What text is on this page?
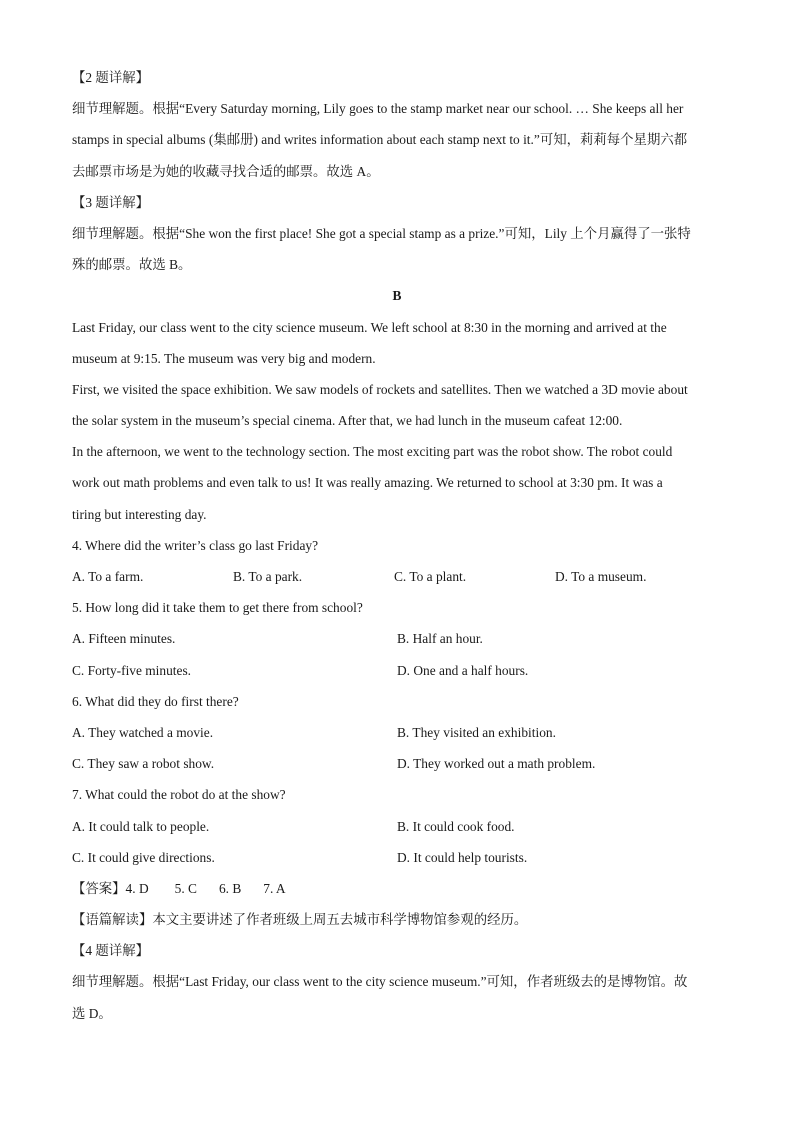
【2 题详解】
细节理解题。根据“Every Saturday morning, Lily goes to the stamp market near our school. … She keeps all her
stamps in special albums (集邮册) and writes information about each stamp next to it.”可知，莉莉每个星期六都
去邮票市场是为她的收藏寻找合适的邮票。故选 A。
【3 题详解】
细节理解题。根据“She won the first place! She got a special stamp as a prize.”可知，Lily 上个月赢得了一张特
殊的邮票。故选 B。
B
Last Friday, our class went to the city science museum. We left school at 8:30 in the morning and arrived at the
museum at 9:15. The museum was very big and modern.
First, we visited the space exhibition. We saw models of rockets and satellites. Then we watched a 3D movie about
the solar system in the museum’s special cinema. After that, we had lunch in the museum cafeat 12:00.
In the afternoon, we went to the technology section. The most exciting part was the robot show. The robot could
work out math problems and even talk to us! It was really amazing. We returned to school at 3:30 pm. It was a
tiring but interesting day.
4. Where did the writer’s class go last Friday?
A. To a farm.	B. To a park.	C. To a plant.	D. To a museum.
5. How long did it take them to get there from school?
A. Fifteen minutes.	B. Half an hour.
C. Forty-five minutes.	D. One and a half hours.
6. What did they do first there?
A. They watched a movie.	B. They visited an exhibition.
C. They saw a robot show.	D. They worked out a math problem.
7. What could the robot do at the show?
A. It could talk to people.	B. It could cook food.
C. It could give directions.	D. It could help tourists.
【答案】4. D 5. C 6. B 7. A
【语篇解读】本文主要讲述了作者班级上周五去城市科学博物馆参观的经历。
【4 题详解】
细节理解题。根据“Last Friday, our class went to the city science museum.”可知，作者班级去的是博物馆。故
选 D。
